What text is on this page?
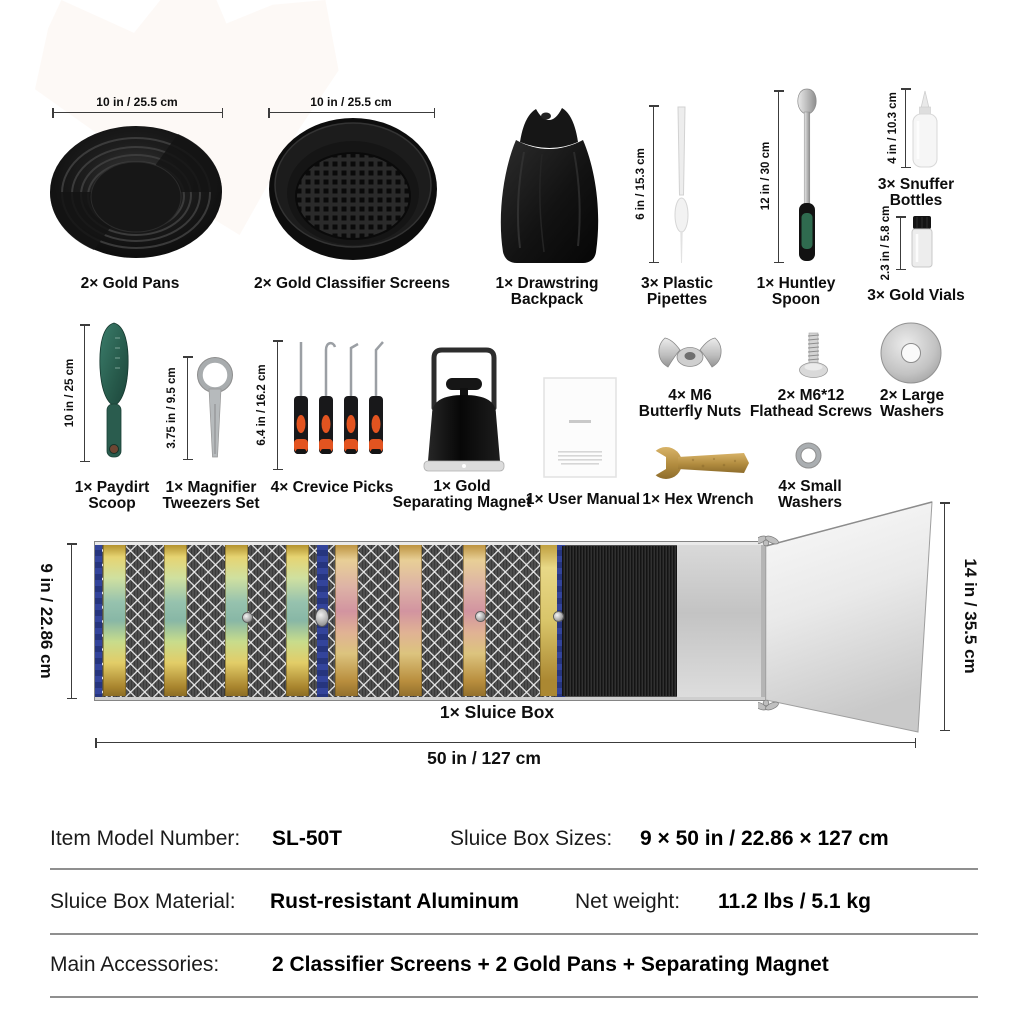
10 in / 25.5 cm
2× Gold Pans
10 in / 25.5 cm
2× Gold Classifier Screens	1× Drawstring
Backpack
6 in / 15.3 cm
3× Plastic
Pipettes
12 in / 30 cm
1× Huntley
Spoon
4 in / 10.3 cm
3× Snuffer
Bottles
2.3 in / 5.8 cm
3× Gold Vials
10 in / 25 cm
1× Paydirt
Scoop
3.75 in / 9.5 cm
1× Magnifier
Tweezers Set
6.4 in / 16.2 cm
4× Crevice Picks	1× Gold
Separating Magnet
1× User Manual 1× Hex Wrench
4× M6
Butterfly Nuts
2× M6*12
Flathead Screws
2× Large
Washers
4× Small
Washers
9 in / 22.86 cm	14 in / 35.5 cm
1× Sluice Box
50 in / 127 cm
Item Model Number: SL-50T	Sluice Box Sizes: 9 × 50 in / 22.86 × 127 cm
Sluice Box Material: Rust-resistant Aluminum	Net weight: 11.2 lbs / 5.1 kg
Main Accessories:	2 Classifier Screens + 2 Gold Pans + Separating Magnet
